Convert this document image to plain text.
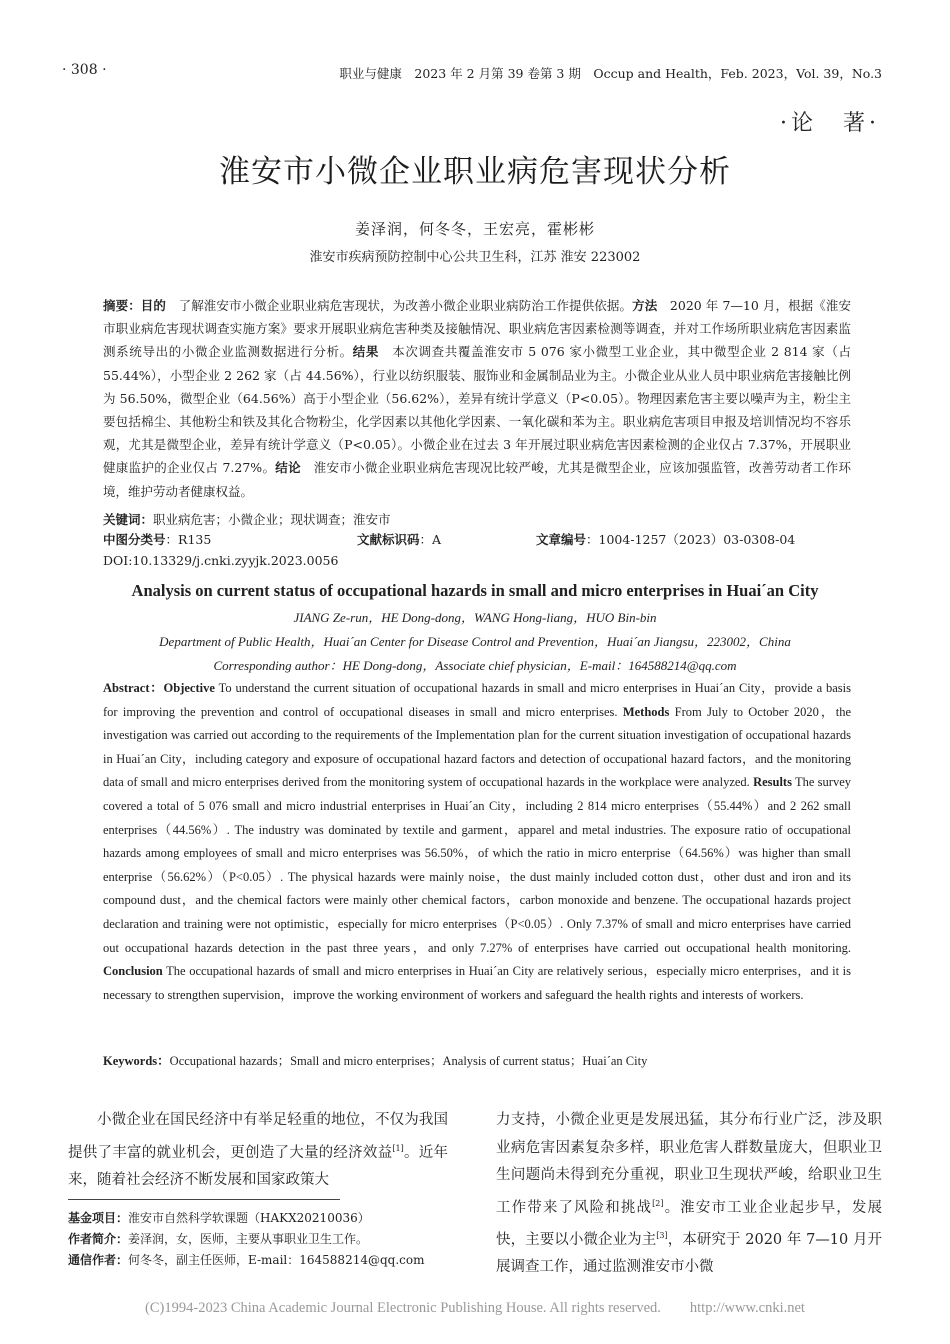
· 308 ·	职业与健康　2023 年 2 月第 39 卷第 3 期　Occup and Health，Feb. 2023，Vol. 39，No.3
·论　著·
淮安市小微企业职业病危害现状分析
姜泽润，何冬冬，王宏亮，霍彬彬
淮安市疾病预防控制中心公共卫生科，江苏 淮安 223002
摘要：目的　了解淮安市小微企业职业病危害现状，为改善小微企业职业病防治工作提供依据。方法　2020 年 7—10 月，根据《淮安市职业病危害现状调查实施方案》要求开展职业病危害种类及接触情况、职业病危害因素检测等调查，并对工作场所职业病危害因素监测系统导出的小微企业监测数据进行分析。结果　本次调查共覆盖淮安市 5 076 家小微型工业企业，其中微型企业 2 814 家（占 55.44%），小型企业 2 262 家（占 44.56%），行业以纺织服装、服饰业和金属制品业为主。小微企业从业人员中职业病危害接触比例为 56.50%，微型企业（64.56%）高于小型企业（56.62%），差异有统计学意义（P<0.05）。物理因素危害主要以噪声为主，粉尘主要包括棉尘、其他粉尘和铁及其化合物粉尘，化学因素以其他化学因素、一氧化碳和苯为主。职业病危害项目申报及培训情况均不容乐观，尤其是微型企业，差异有统计学意义（P<0.05）。小微企业在过去 3 年开展过职业病危害因素检测的企业仅占 7.37%，开展职业健康监护的企业仅占 7.27%。结论　淮安市小微企业职业病危害现况比较严峻，尤其是微型企业，应该加强监管，改善劳动者工作环境，维护劳动者健康权益。
关键词：职业病危害；小微企业；现状调查；淮安市
中图分类号：R135	文献标识码：A	文章编号：1004-1257（2023）03-0308-04
DOI:10.13329/j.cnki.zyyjk.2023.0056
Analysis on current status of occupational hazards in small and micro enterprises in Huai´an City
JIANG Ze-run，HE Dong-dong，WANG Hong-liang，HUO Bin-bin
Department of Public Health，Huai´an Center for Disease Control and Prevention，Huai´an Jiangsu，223002，China
Corresponding author：HE Dong-dong，Associate chief physician，E-mail：164588214@qq.com
Abstract：Objective To understand the current situation of occupational hazards in small and micro enterprises in Huai´an City，provide a basis for improving the prevention and control of occupational diseases in small and micro enterprises. Methods From July to October 2020，the investigation was carried out according to the requirements of the Implementation plan for the current situation investigation of occupational hazards in Huai´an City，including category and exposure of occupational hazard factors and detection of occupational hazard factors，and the monitoring data of small and micro enterprises derived from the monitoring system of occupational hazards in the workplace were analyzed. Results The survey covered a total of 5 076 small and micro industrial enterprises in Huai´an City，including 2 814 micro enterprises（55.44%）and 2 262 small enterprises（44.56%）. The industry was dominated by textile and garment，apparel and metal industries. The exposure ratio of occupational hazards among employees of small and micro enterprises was 56.50%，of which the ratio in micro enterprise（64.56%）was higher than small enterprise（56.62%）（P<0.05）. The physical hazards were mainly noise，the dust mainly included cotton dust，other dust and iron and its compound dust，and the chemical factors were mainly other chemical factors，carbon monoxide and benzene. The occupational hazards project declaration and training were not optimistic，especially for micro enterprises（P<0.05）. Only 7.37% of small and micro enterprises have carried out occupational hazards detection in the past three years，and only 7.27% of enterprises have carried out occupational health monitoring. Conclusion The occupational hazards of small and micro enterprises in Huai´an City are relatively serious，especially micro enterprises，and it is necessary to strengthen supervision，improve the working environment of workers and safeguard the health rights and interests of workers.
Keywords：Occupational hazards；Small and micro enterprises；Analysis of current status；Huai´an City
小微企业在国民经济中有举足轻重的地位，不仅为我国提供了丰富的就业机会，更创造了大量的经济效益[1]。近年来，随着社会经济不断发展和国家政策大
基金项目：淮安市自然科学软课题（HAKX20210036）
作者简介：姜泽润，女，医师，主要从事职业卫生工作。
通信作者：何冬冬，副主任医师，E-mail：164588214@qq.com
力支持，小微企业更是发展迅猛，其分布行业广泛，涉及职业病危害因素复杂多样，职业危害人群数量庞大，但职业卫生问题尚未得到充分重视，职业卫生现状严峻，给职业卫生工作带来了风险和挑战[2]。淮安市工业企业起步早，发展快，主要以小微企业为主[3]，本研究于 2020 年 7—10 月开展调查工作，通过监测淮安市小微
(C)1994-2023 China Academic Journal Electronic Publishing House. All rights reserved.　　http://www.cnki.net
